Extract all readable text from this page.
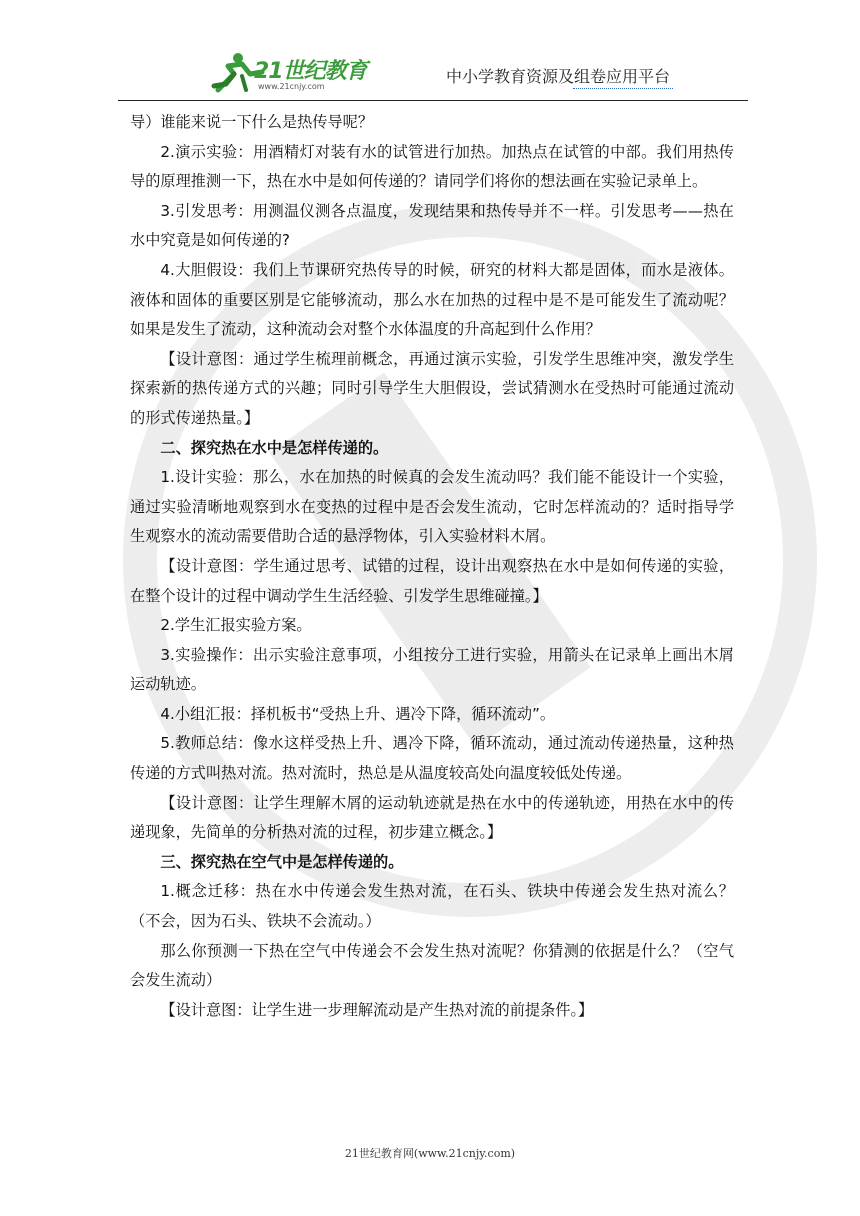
21世纪教育
www.21cnjy.com
中小学教育资源及组卷应用平台

导）谁能来说一下什么是热传导呢？

2.演示实验：用酒精灯对装有水的试管进行加热。加热点在试管的中部。我们用热传导的原理推测一下，热在水中是如何传递的？请同学们将你的想法画在实验记录单上。

3.引发思考：用测温仪测各点温度，发现结果和热传导并不一样。引发思考——热在水中究竟是如何传递的?

4.大胆假设：我们上节课研究热传导的时候，研究的材料大都是固体，而水是液体。液体和固体的重要区别是它能够流动，那么水在加热的过程中是不是可能发生了流动呢？如果是发生了流动，这种流动会对整个水体温度的升高起到什么作用？

【设计意图：通过学生梳理前概念，再通过演示实验，引发学生思维冲突，激发学生探索新的热传递方式的兴趣；同时引导学生大胆假设，尝试猜测水在受热时可能通过流动的形式传递热量。】

二、探究热在水中是怎样传递的。

1.设计实验：那么，水在加热的时候真的会发生流动吗？我们能不能设计一个实验，通过实验清晰地观察到水在变热的过程中是否会发生流动，它时怎样流动的？适时指导学生观察水的流动需要借助合适的悬浮物体，引入实验材料木屑。

【设计意图：学生通过思考、试错的过程，设计出观察热在水中是如何传递的实验，在整个设计的过程中调动学生生活经验、引发学生思维碰撞。】

2.学生汇报实验方案。

3.实验操作：出示实验注意事项，小组按分工进行实验，用箭头在记录单上画出木屑运动轨迹。

4.小组汇报：择机板书“受热上升、遇冷下降，循环流动”。

5.教师总结：像水这样受热上升、遇冷下降，循环流动，通过流动传递热量，这种热传递的方式叫热对流。热对流时，热总是从温度较高处向温度较低处传递。

【设计意图：让学生理解木屑的运动轨迹就是热在水中的传递轨迹，用热在水中的传递现象，先简单的分析热对流的过程，初步建立概念。】

三、探究热在空气中是怎样传递的。

1.概念迁移：热在水中传递会发生热对流，在石头、铁块中传递会发生热对流么？（不会，因为石头、铁块不会流动。）

那么你预测一下热在空气中传递会不会发生热对流呢？你猜测的依据是什么？（空气会发生流动）

【设计意图：让学生进一步理解流动是产生热对流的前提条件。】

21世纪教育网(www.21cnjy.com)
